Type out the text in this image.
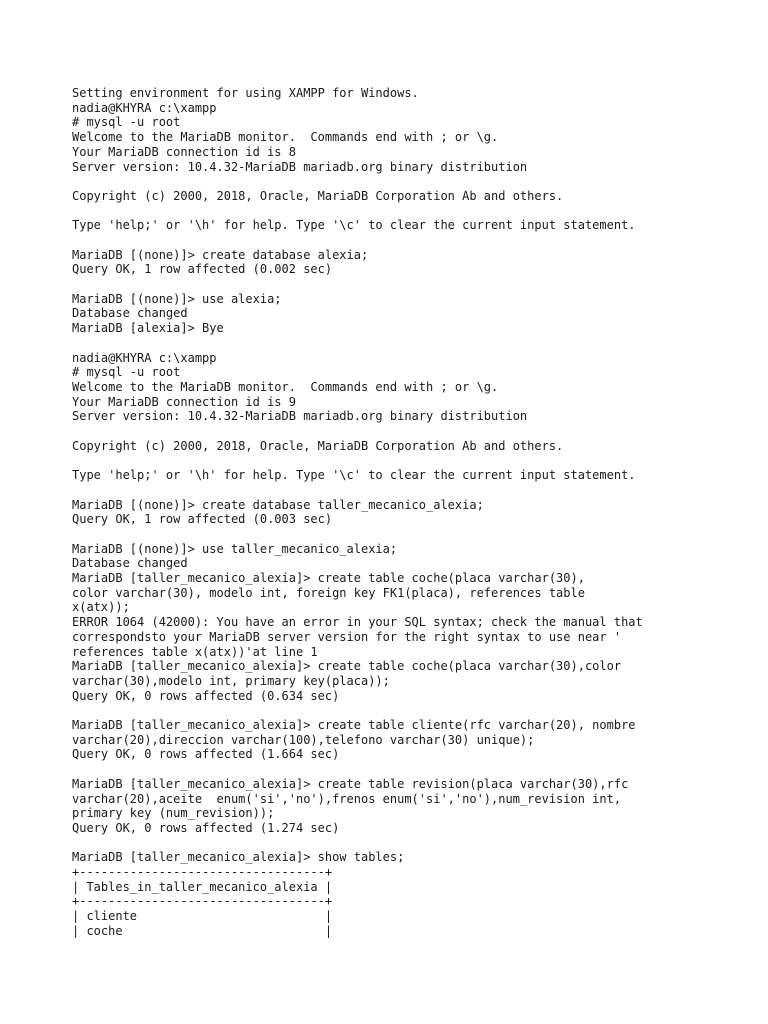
Setting environment for using XAMPP for Windows.
nadia@KHYRA c:\xampp
# mysql -u root
Welcome to the MariaDB monitor.  Commands end with ; or \g.
Your MariaDB connection id is 8
Server version: 10.4.32-MariaDB mariadb.org binary distribution
Copyright (c) 2000, 2018, Oracle, MariaDB Corporation Ab and others.
Type 'help;' or '\h' for help. Type '\c' to clear the current input statement.
MariaDB [(none)]> create database alexia;
Query OK, 1 row affected (0.002 sec)
MariaDB [(none)]> use alexia;
Database changed
MariaDB [alexia]> Bye
nadia@KHYRA c:\xampp
# mysql -u root
Welcome to the MariaDB monitor.  Commands end with ; or \g.
Your MariaDB connection id is 9
Server version: 10.4.32-MariaDB mariadb.org binary distribution
Copyright (c) 2000, 2018, Oracle, MariaDB Corporation Ab and others.
Type 'help;' or '\h' for help. Type '\c' to clear the current input statement.
MariaDB [(none)]> create database taller_mecanico_alexia;
Query OK, 1 row affected (0.003 sec)
MariaDB [(none)]> use taller_mecanico_alexia;
Database changed
MariaDB [taller_mecanico_alexia]> create table coche(placa varchar(30),
color varchar(30), modelo int, foreign key FK1(placa), references table
x(atx));
ERROR 1064 (42000): You have an error in your SQL syntax; check the manual that
correspondsto your MariaDB server version for the right syntax to use near '
references table x(atx))'at line 1
MariaDB [taller_mecanico_alexia]> create table coche(placa varchar(30),color
varchar(30),modelo int, primary key(placa));
Query OK, 0 rows affected (0.634 sec)
MariaDB [taller_mecanico_alexia]> create table cliente(rfc varchar(20), nombre
varchar(20),direccion varchar(100),telefono varchar(30) unique);
Query OK, 0 rows affected (1.664 sec)
MariaDB [taller_mecanico_alexia]> create table revision(placa varchar(30),rfc
varchar(20),aceite  enum('si','no'),frenos enum('si','no'),num_revision int,
primary key (num_revision));
Query OK, 0 rows affected (1.274 sec)
MariaDB [taller_mecanico_alexia]> show tables;
+----------------------------------+
| Tables_in_taller_mecanico_alexia |
+----------------------------------+
| cliente                          |
| coche                            |
